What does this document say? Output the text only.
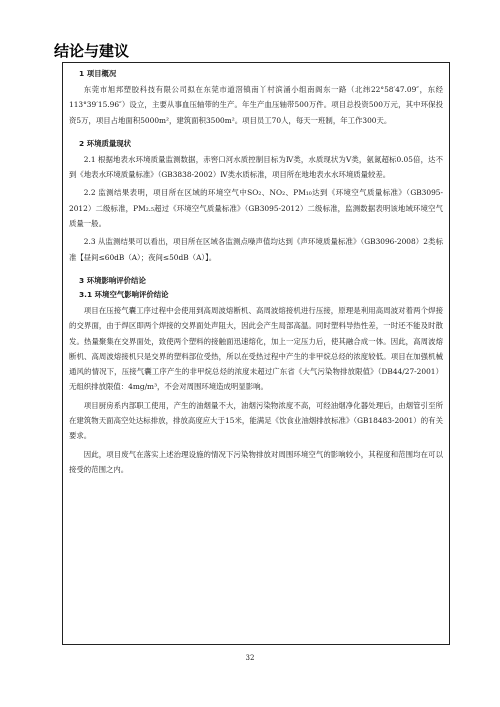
结论与建议
1 项目概况
东莞市旭邦塑胶科技有限公司拟在东莞市道滘镇南丫村滨涌小组南阁东一路（北纬22°58′47.09″，东经113°39′15.96″）设立，主要从事血压轴带的生产。年生产血压轴带500万件。项目总投资500万元，其中环保投资5万，项目占地面积5000m²，建筑面积3500m²。项目员工70人，每天一班制，年工作300天。
2 环境质量现状
2.1 根据地表水环境质量监测数据，赤窖口河水质控制目标为Ⅳ类，水质现状为Ⅴ类，氨氮超标0.05倍，达不到《地表水环境质量标准》（GB3838-2002）Ⅳ类水质标准，项目所在地地表水水环境质量较差。
2.2 监测结果表明，项目所在区域的环境空气中SO₂、NO₂、PM₁₀达到《环境空气质量标准》（GB3095-2012）二级标准，PM₂.₅超过《环境空气质量标准》（GB3095-2012）二级标准，监测数据表明该地域环境空气质量一般。
2.3 从监测结果可以看出，项目所在区域各监测点噪声值均达到《声环境质量标准》（GB3096-2008）2类标准【昼间≤60dB（A）；夜间≤50dB（A）】。
3 环境影响评价结论
3.1 环境空气影响评价结论
项目在压接气囊工序过程中会使用到高周波熔断机、高周波熔接机进行压接，原理是利用高周波对着两个焊接的交界面，由于焊区即两个焊接的交界面处声阻大，因此会产生局部高温。同时塑料导热性差，一时还不能及时散发。热量聚集在交界面处，致使两个塑料的接触面迅速熔化，加上一定压力后，使其融合成一体。因此，高周波熔断机、高周波熔接机只是交界的塑料部位受热，所以在受热过程中产生的非甲烷总烃的浓度较低。项目在加强机械通风的情况下，压接气囊工序产生的非甲烷总烃的浓度未超过广东省《大气污染物排放限值》（DB44/27-2001）无组织排放限值：4mg/m³，不会对周围环境造成明显影响。
项目厨房系内部职工使用，产生的油烟量不大，油烟污染物浓度不高，可经油烟净化器处理后，由烟管引至所在建筑物天面高空处达标排放，排放高度应大于15米，能满足《饮食业油烟排放标准》（GB18483-2001）的有关要求。
因此，项目废气在落实上述治理设施的情况下污染物排放对周围环境空气的影响较小，其程度和范围均在可以接受的范围之内。
32
